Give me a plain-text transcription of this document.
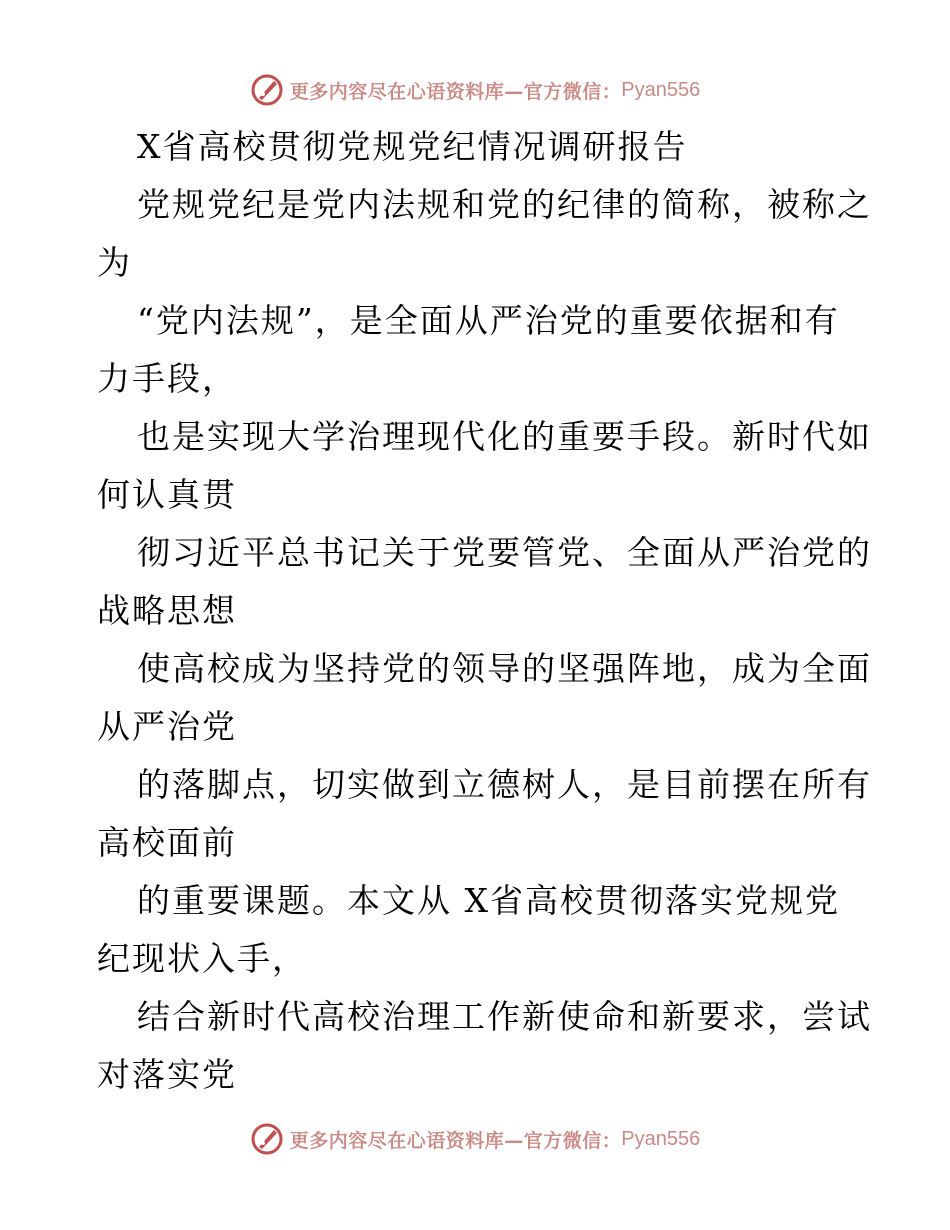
更多内容尽在心语资料库—官方微信： Pyan556
X省高校贯彻党规党纪情况调研报告
党规党纪是党内法规和党的纪律的简称，被称之
为
“党内法规”，是全面从严治党的重要依据和有
力手段，
也是实现大学治理现代化的重要手段。新时代如
何认真贯
彻习近平总书记关于党要管党、全面从严治党的
战略思想
使高校成为坚持党的领导的坚强阵地，成为全面
从严治党
的落脚点，切实做到立德树人，是目前摆在所有
高校面前
的重要课题。本文从 X省高校贯彻落实党规党
纪现状入手，
结合新时代高校治理工作新使命和新要求，尝试
对落实党
更多内容尽在心语资料库—官方微信： Pyan556
